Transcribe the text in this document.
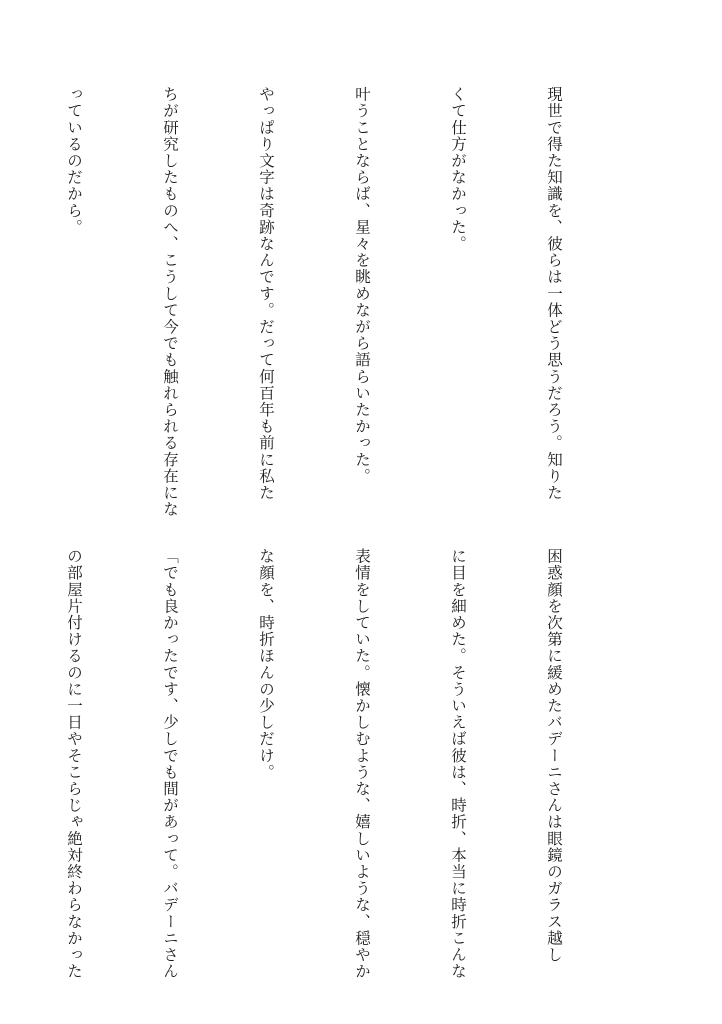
現世で得た知識を、彼らは一体どう思うだろう。知りた

くて仕方がなかった。

叶うことならば、星々を眺めながら語らいたかった。

やっぱり文字は奇跡なんです。だって何百年も前に私た

ちが研究したものへ、こうして今でも触れられる存在にな

っているのだから。

困惑顔を次第に緩めたバデーニさんは眼鏡のガラス越し

に目を細めた。そういえば彼は、時折、本当に時折こんな

表情をしていた。懐かしむような、嬉しいような、穏やか

な顔を、時折ほんの少しだけ。

「でも良かったです、少しでも間があって。バデーニさん

の部屋片付けるのに一日やそこらじゃ絶対終わらなかった
